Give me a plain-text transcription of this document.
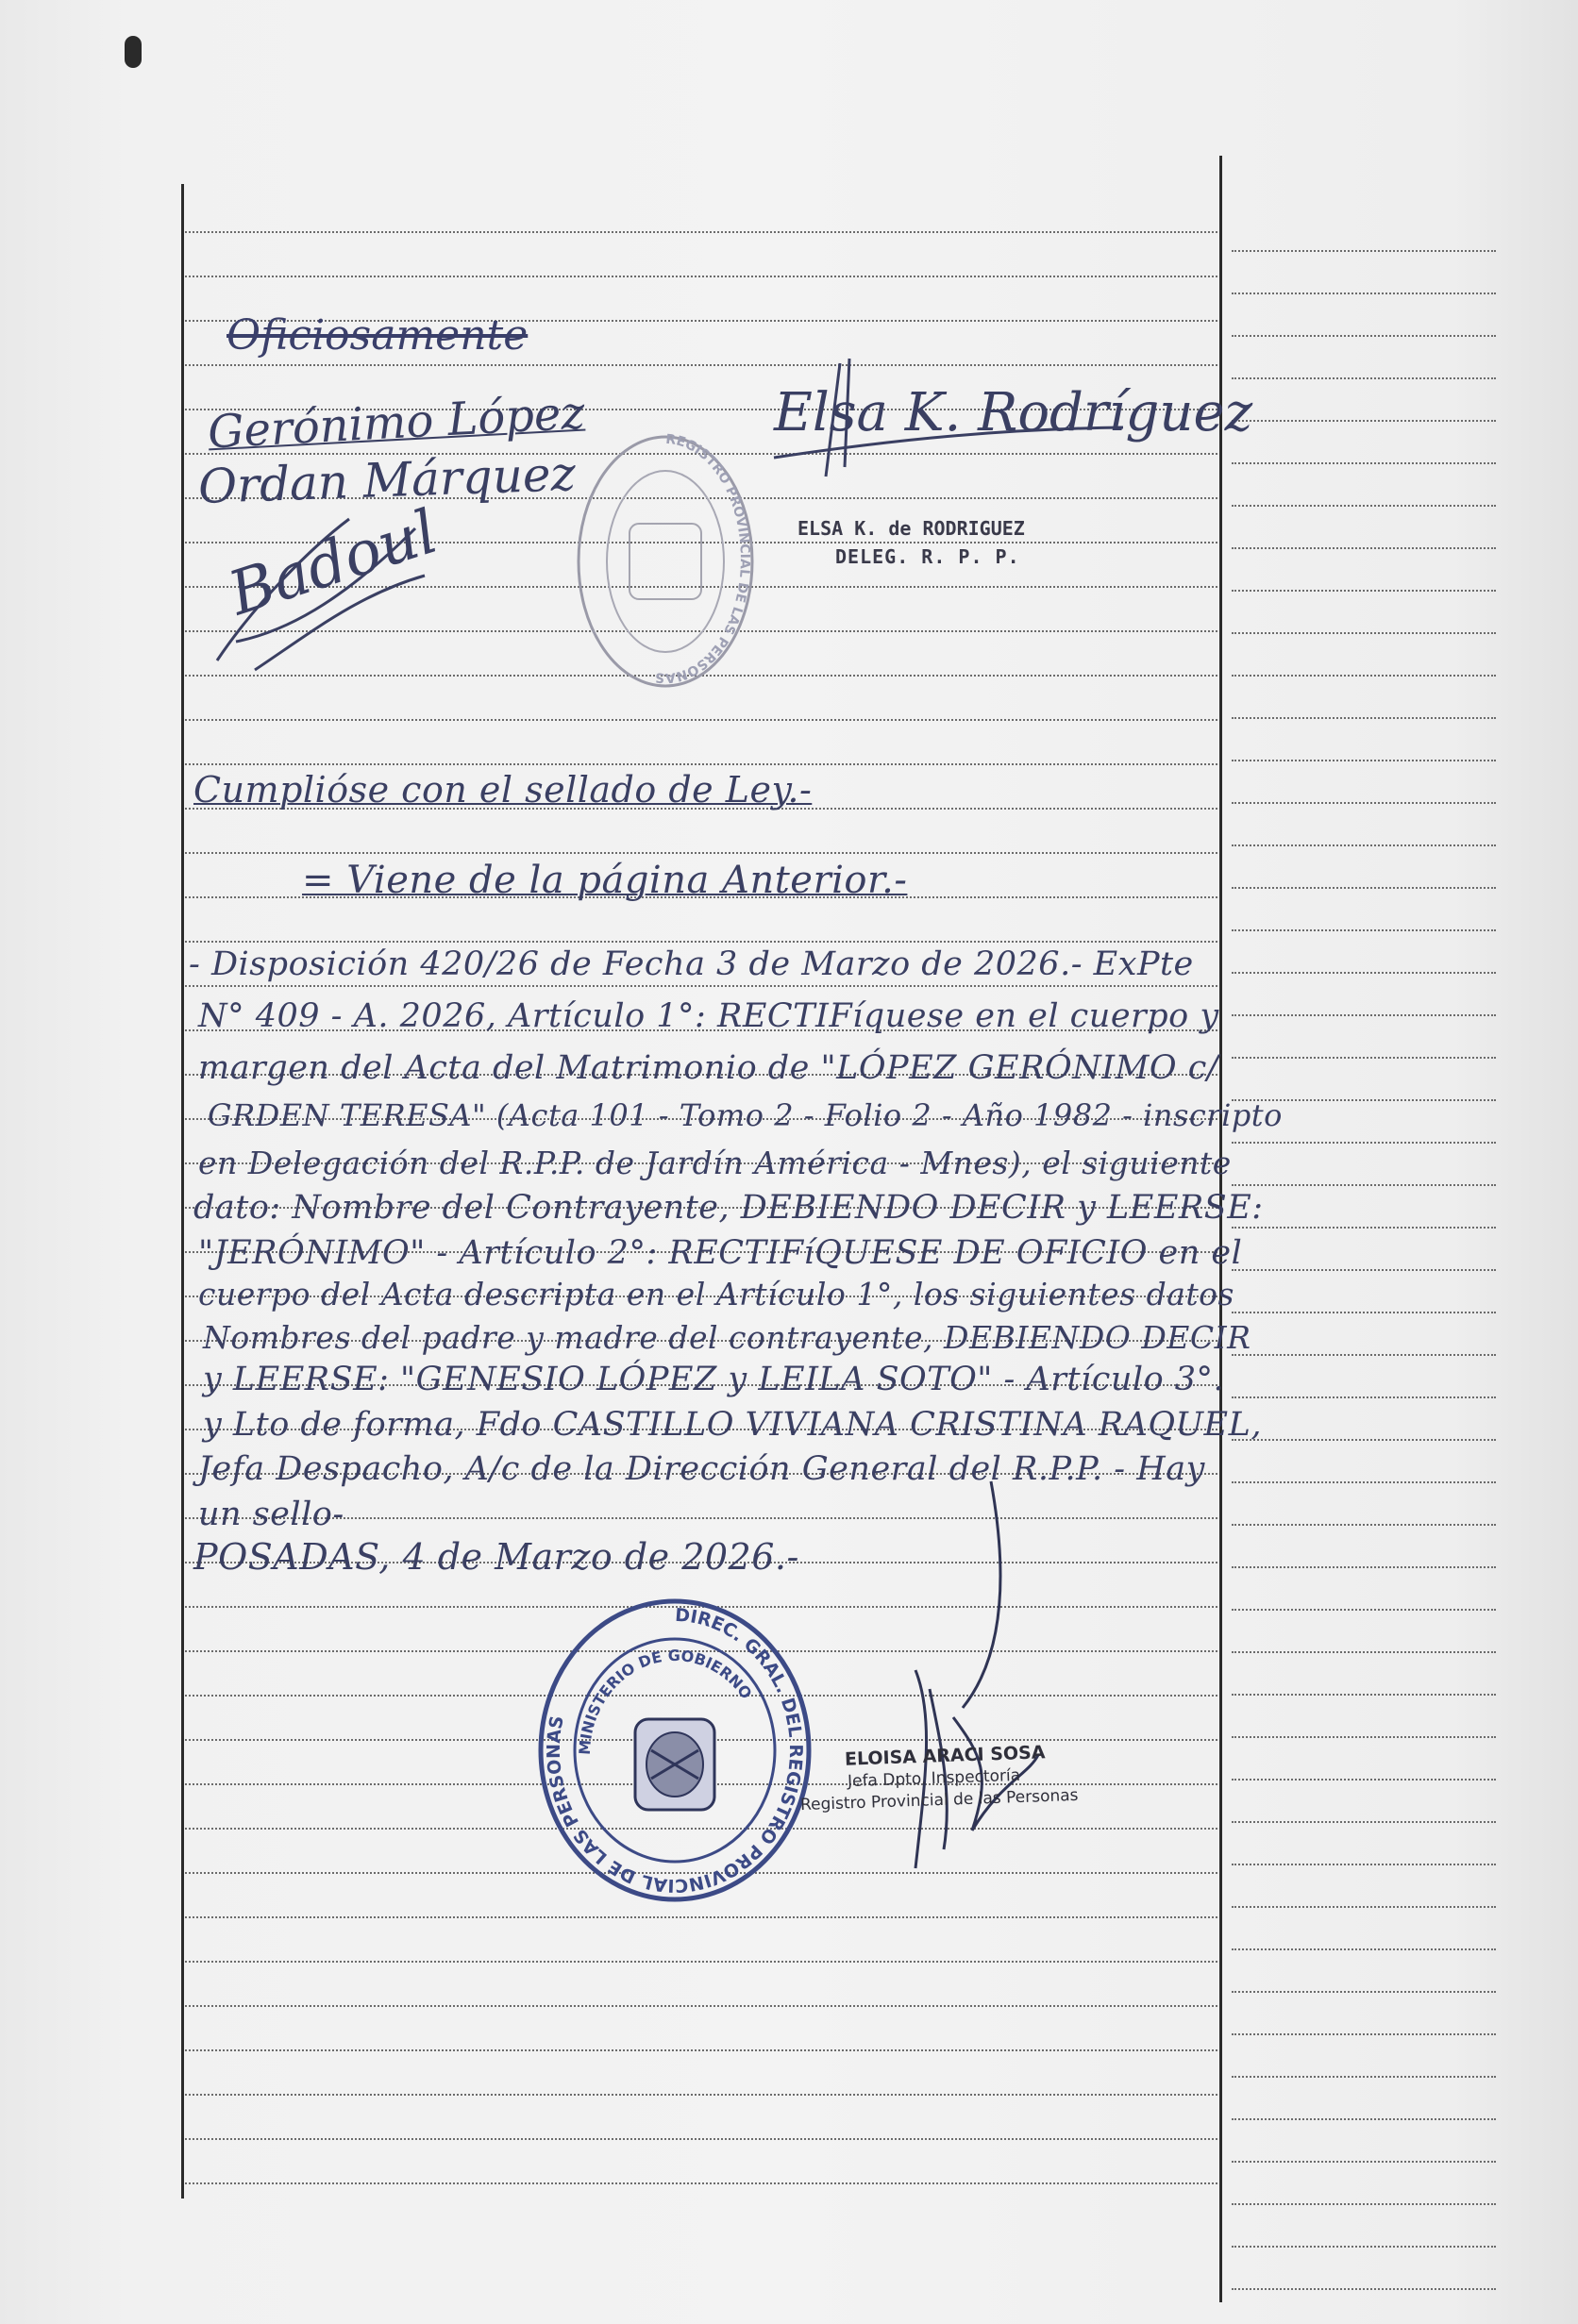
Oficiosamente
Gerónimo López
Ordan Márquez
Badoul
REGISTRO PROVINCIAL DE LAS PERSONAS
Elsa K. Rodríguez
ELSA K. de RODRIGUEZ
DELEG. R. P. P.
Cumplióse con el sellado de Ley.-
= Viene de la página Anterior.-
- Disposición 420/26 de Fecha 3 de Marzo de 2026.- ExPte
N° 409 - A. 2026, Artículo 1°: RECTIFíquese en el cuerpo y
margen del Acta del Matrimonio de "LÓPEZ GERÓNIMO c/
GRDEN TERESA" (Acta 101 - Tomo 2 - Folio 2 - Año 1982 - inscripto
en Delegación del R.P.P. de Jardín América - Mnes), el siguiente
dato: Nombre del Contrayente, DEBIENDO DECIR y LEERSE:
"JERÓNIMO" - Artículo 2°: RECTIFíQUESE DE OFICIO en el
cuerpo del Acta descripta en el Artículo 1°, los siguientes datos
Nombres del padre y madre del contrayente, DEBIENDO DECIR
y LEERSE: "GENESIO LÓPEZ y LEILA SOTO" - Artículo 3°.
y Lto de forma, Fdo CASTILLO VIVIANA CRISTINA RAQUEL,
Jefa Despacho, A/c de la Dirección General del R.P.P. - Hay
un sello-
POSADAS, 4 de Marzo de 2026.-
DIREC. GRAL. DEL REGISTRO PROVINCIAL DE LAS PERSONAS
MINISTERIO DE GOBIERNO
ELOISA ARACI SOSA
Jefa Dpto. Inspectoría
Registro Provincial de las Personas
